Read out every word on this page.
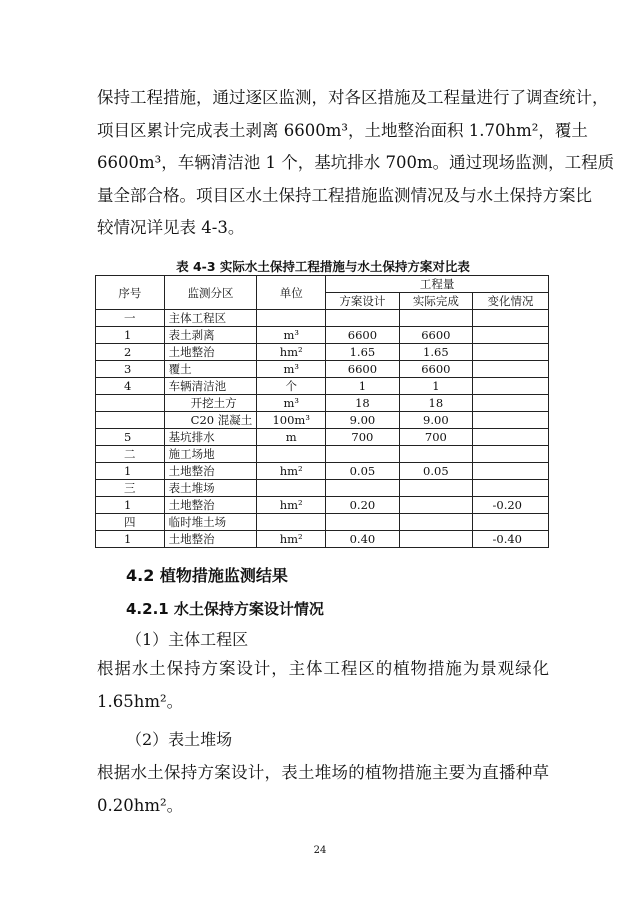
保持工程措施，通过逐区监测，对各区措施及工程量进行了调查统计，
项目区累计完成表土剥离 6600m³，土地整治面积 1.70hm²，覆土
6600m³，车辆清洁池 1 个，基坑排水 700m。通过现场监测，工程质
量全部合格。项目区水土保持工程措施监测情况及与水土保持方案比
较情况详见表 4-3。
表 4-3 实际水土保持工程措施与水土保持方案对比表
序号	监测分区	单位	工程量		
			方案设计	实际完成	变化情况
一	主体工程区				
1	表土剥离	m³	6600	6600	
2	土地整治	hm²	1.65	1.65	
3	覆土	m³	6600	6600	
4	车辆清洁池	个	1	1	
	开挖土方	m³	18	18	
	C20 混凝土	100m³	9.00	9.00	
5	基坑排水	m	700	700	
二	施工场地				
1	土地整治	hm²	0.05	0.05	
三	表土堆场				
1	土地整治	hm²	0.20		-0.20
四	临时堆土场				
1	土地整治	hm²	0.40		-0.40
4.2 植物措施监测结果
4.2.1 水土保持方案设计情况
（1）主体工程区
根据水土保持方案设计，主体工程区的植物措施为景观绿化
1.65hm²。
（2）表土堆场
根据水土保持方案设计，表土堆场的植物措施主要为直播种草
0.20hm²。
24
